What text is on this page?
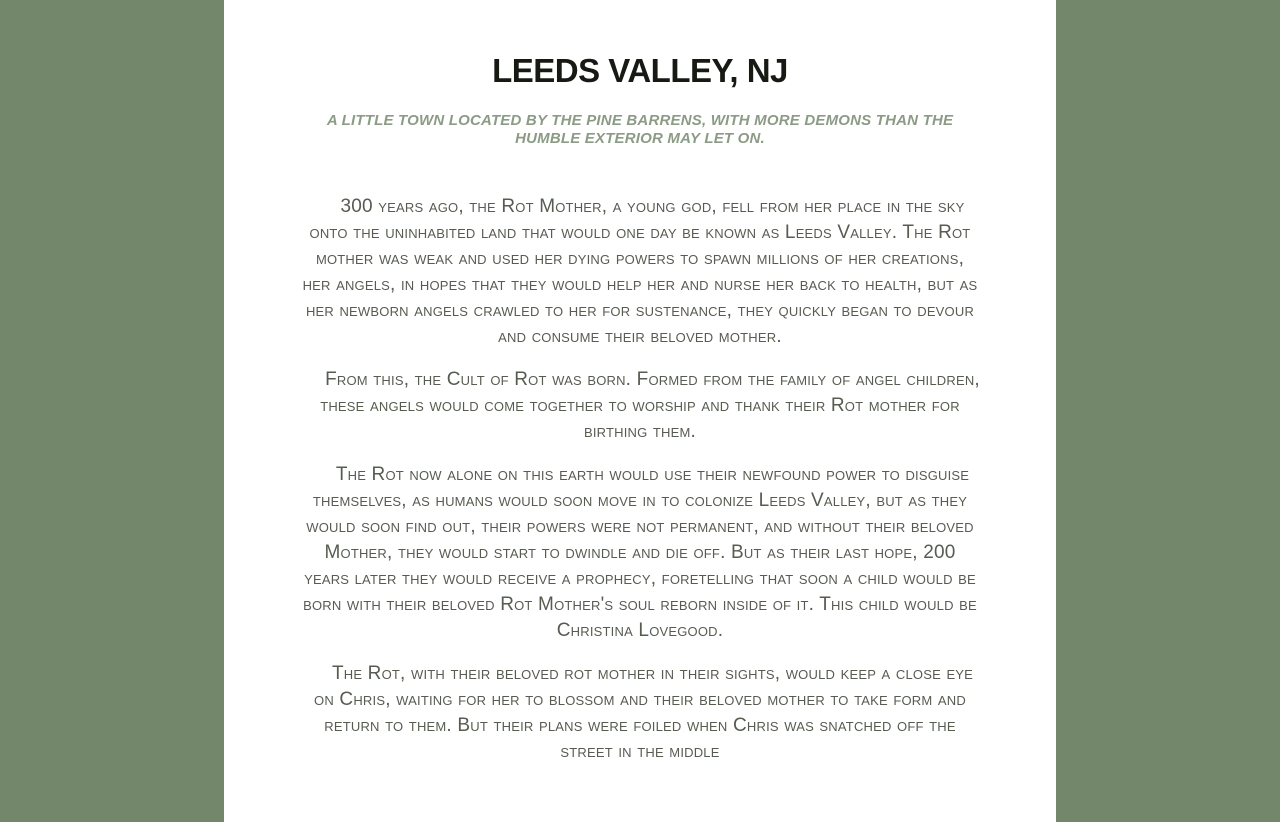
LEEDS VALLEY, NJ
A LITTLE TOWN LOCATED BY THE PINE BARRENS, WITH MORE DEMONS THAN THE HUMBLE EXTERIOR MAY LET ON.

300 years ago, the Rot Mother, a young god, fell from her place in the sky onto the uninhabited land that would one day be known as Leeds Valley. The Rot mother was weak and used her dying powers to spawn millions of her creations, her angels, in hopes that they would help her and nurse her back to health, but as her newborn angels crawled to her for sustenance, they quickly began to devour and consume their beloved mother.

From this, the Cult of Rot was born. Formed from the family of angel children, these angels would come together to worship and thank their Rot mother for birthing them.

The Rot now alone on this earth would use their newfound power to disguise themselves, as humans would soon move in to colonize Leeds Valley, but as they would soon find out, their powers were not permanent, and without their beloved Mother, they would start to dwindle and die off. But as their last hope, 200 years later they would receive a prophecy, foretelling that soon a child would be born with their beloved Rot Mother's soul reborn inside of it. This child would be Christina Lovegood.

The Rot, with their beloved rot mother in their sights, would keep a close eye on Chris, waiting for her to blossom and their beloved mother to take form and return to them. But their plans were foiled when Chris was snatched off the street in the middle
